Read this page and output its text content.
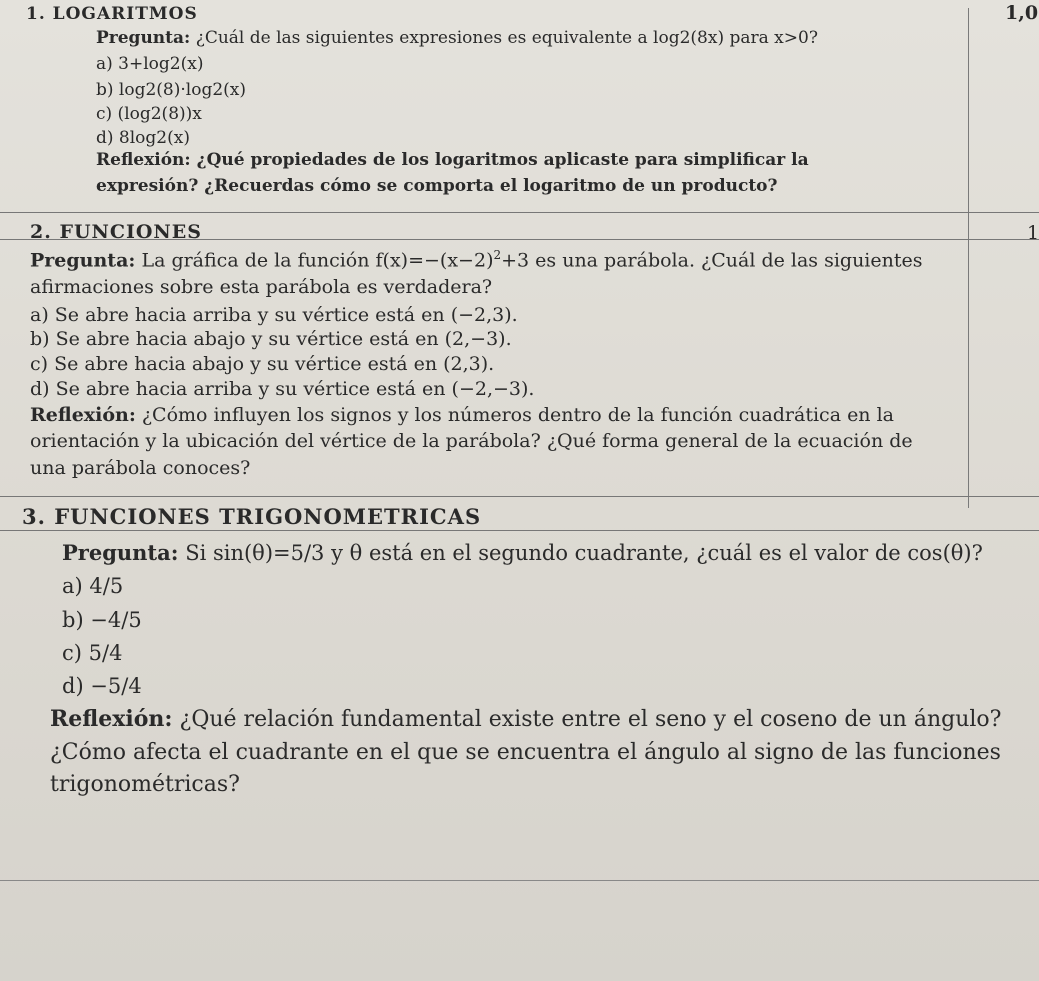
1,0
1
1. LOGARITMOS
Pregunta: ¿Cuál de las siguientes expresiones es equivalente a log2(8x) para x>0?
a) 3+log2(x)
b) log2(8)·log2(x)
c) (log2(8))x
d) 8log2(x)
Reflexión: ¿Qué propiedades de los logaritmos aplicaste para simplificar la
expresión? ¿Recuerdas cómo se comporta el logaritmo de un producto?
2. FUNCIONES
Pregunta: La gráfica de la función $f(x)=-(x-2)^2+3$ es una parábola. ¿Cuál de las siguientes
afirmaciones sobre esta parábola es verdadera?
a) Se abre hacia arriba y su vértice está en (−2,3).
b) Se abre hacia abajo y su vértice está en (2,−3).
c) Se abre hacia abajo y su vértice está en (2,3).
d) Se abre hacia arriba y su vértice está en (−2,−3).
Reflexión: ¿Cómo influyen los signos y los números dentro de la función cuadrática en la
orientación y la ubicación del vértice de la parábola? ¿Qué forma general de la ecuación de
una parábola conoces?
3. FUNCIONES TRIGONOMETRICAS
Pregunta: Si sin(θ)=5/3 y θ está en el segundo cuadrante, ¿cuál es el valor de cos(θ)?
a) 4/5
b) −4/5
c) 5/4
d) −5/4
Reflexión: ¿Qué relación fundamental existe entre el seno y el coseno de un ángulo?
¿Cómo afecta el cuadrante en el que se encuentra el ángulo al signo de las funciones
trigonométricas?
